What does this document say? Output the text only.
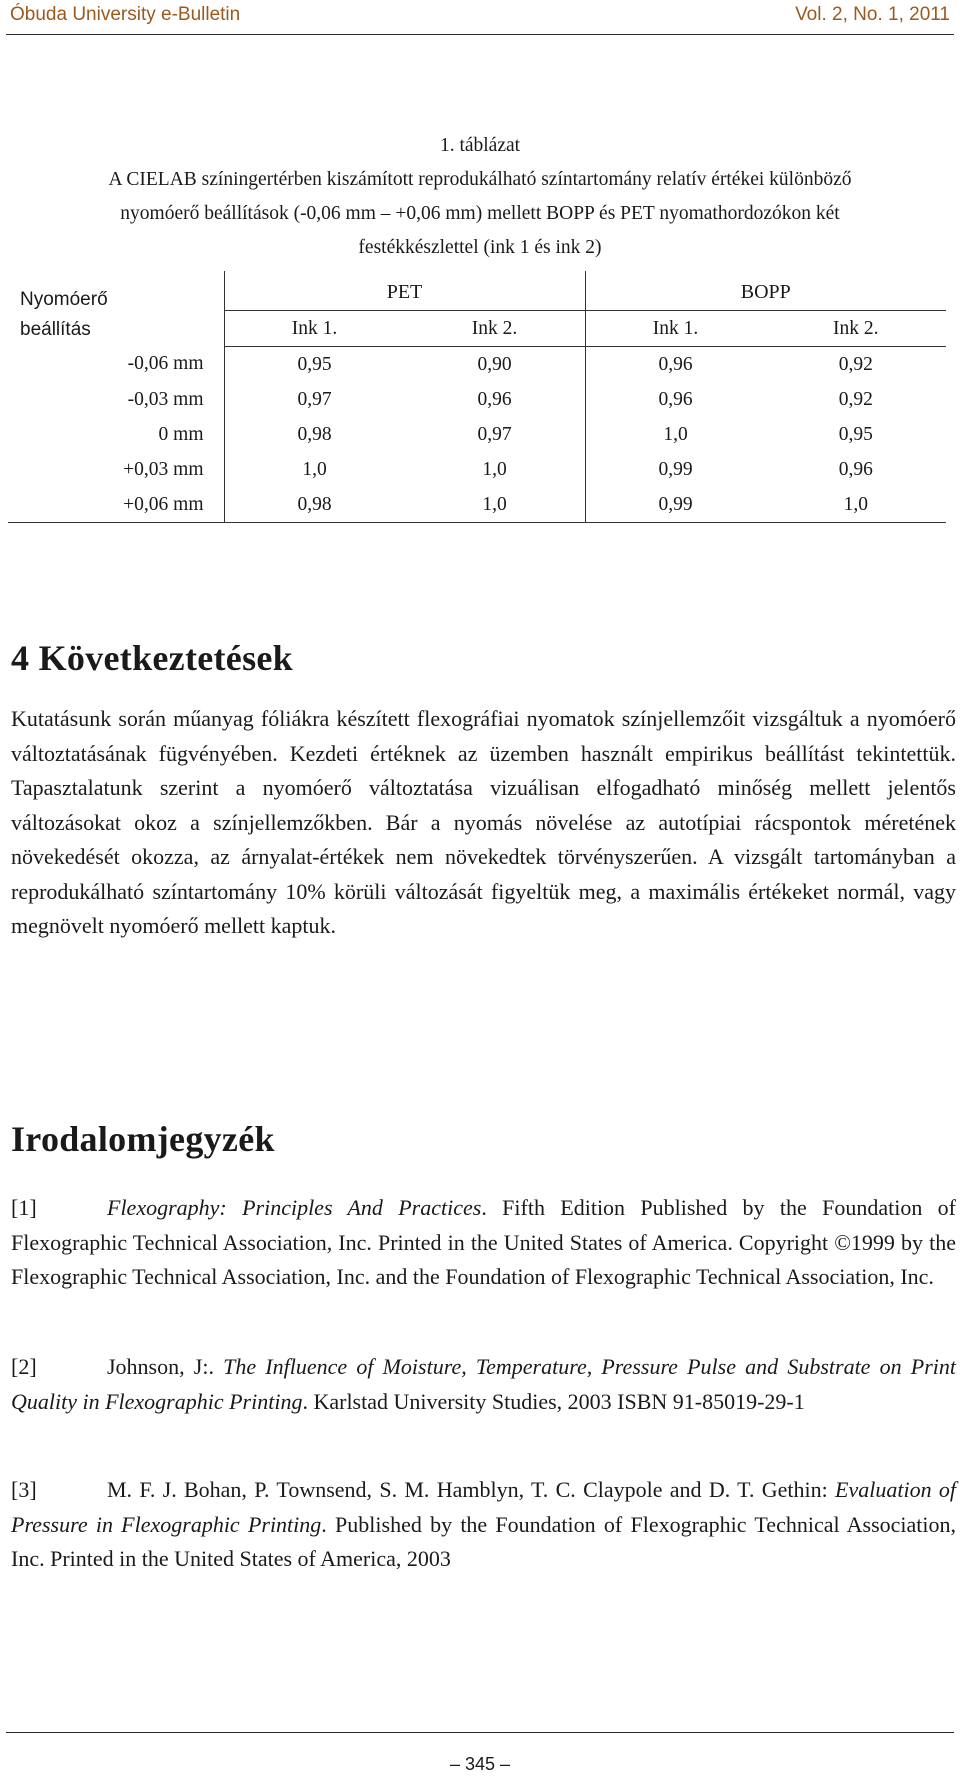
Óbuda University e-Bulletin	Vol. 2, No. 1, 2011
1. táblázat
A CIELAB színingertérben kiszámított reprodukálható színtartomány relatív értékei különböző
nyomóerő beállítások (-0,06 mm – +0,06 mm) mellett BOPP és PET nyomathordozókon két
festékkészlettel (ink 1 és ink 2)
Nyomóerő
beállítás	PET		BOPP	
	Ink 1.	Ink 2.	Ink 1.	Ink 2.
-0,06 mm	0,95	0,90	0,96	0,92
-0,03 mm	0,97	0,96	0,96	0,92
0 mm	0,98	0,97	1,0	0,95
+0,03 mm	1,0	1,0	0,99	0,96
+0,06 mm	0,98	1,0	0,99	1,0
4 Következtetések
Kutatásunk során műanyag fóliákra készített flexográfiai nyomatok színjellemzőit vizsgáltuk a nyomóerő változtatásának fügvényében. Kezdeti értéknek az üzemben használt empirikus beállítást tekintettük. Tapasztalatunk szerint a nyomóerő változtatása vizuálisan elfogadható minőség mellett jelentős változásokat okoz a színjellemzőkben. Bár a nyomás növelése az autotípiai rácspontok méretének növekedését okozza, az árnyalat-értékek nem növekedtek törvényszerűen. A vizsgált tartományban a reprodukálható színtartomány 10% körüli változását figyeltük meg, a maximális értékeket normál, vagy megnövelt nyomóerő mellett kaptuk.
Irodalomjegyzék
[1]	Flexography: Principles And Practices. Fifth Edition Published by the Foundation of Flexographic Technical Association, Inc. Printed in the United States of America. Copyright ©1999 by the Flexographic Technical Association, Inc. and the Foundation of Flexographic Technical Association, Inc.
[2]	Johnson, J:. The Influence of Moisture, Temperature, Pressure Pulse and Substrate on Print Quality in Flexographic Printing. Karlstad University Studies, 2003 ISBN 91-85019-29-1
[3]	M. F. J. Bohan, P. Townsend, S. M. Hamblyn, T. C. Claypole and D. T. Gethin: Evaluation of Pressure in Flexographic Printing. Published by the Foundation of Flexographic Technical Association, Inc. Printed in the United States of America, 2003
– 345 –
